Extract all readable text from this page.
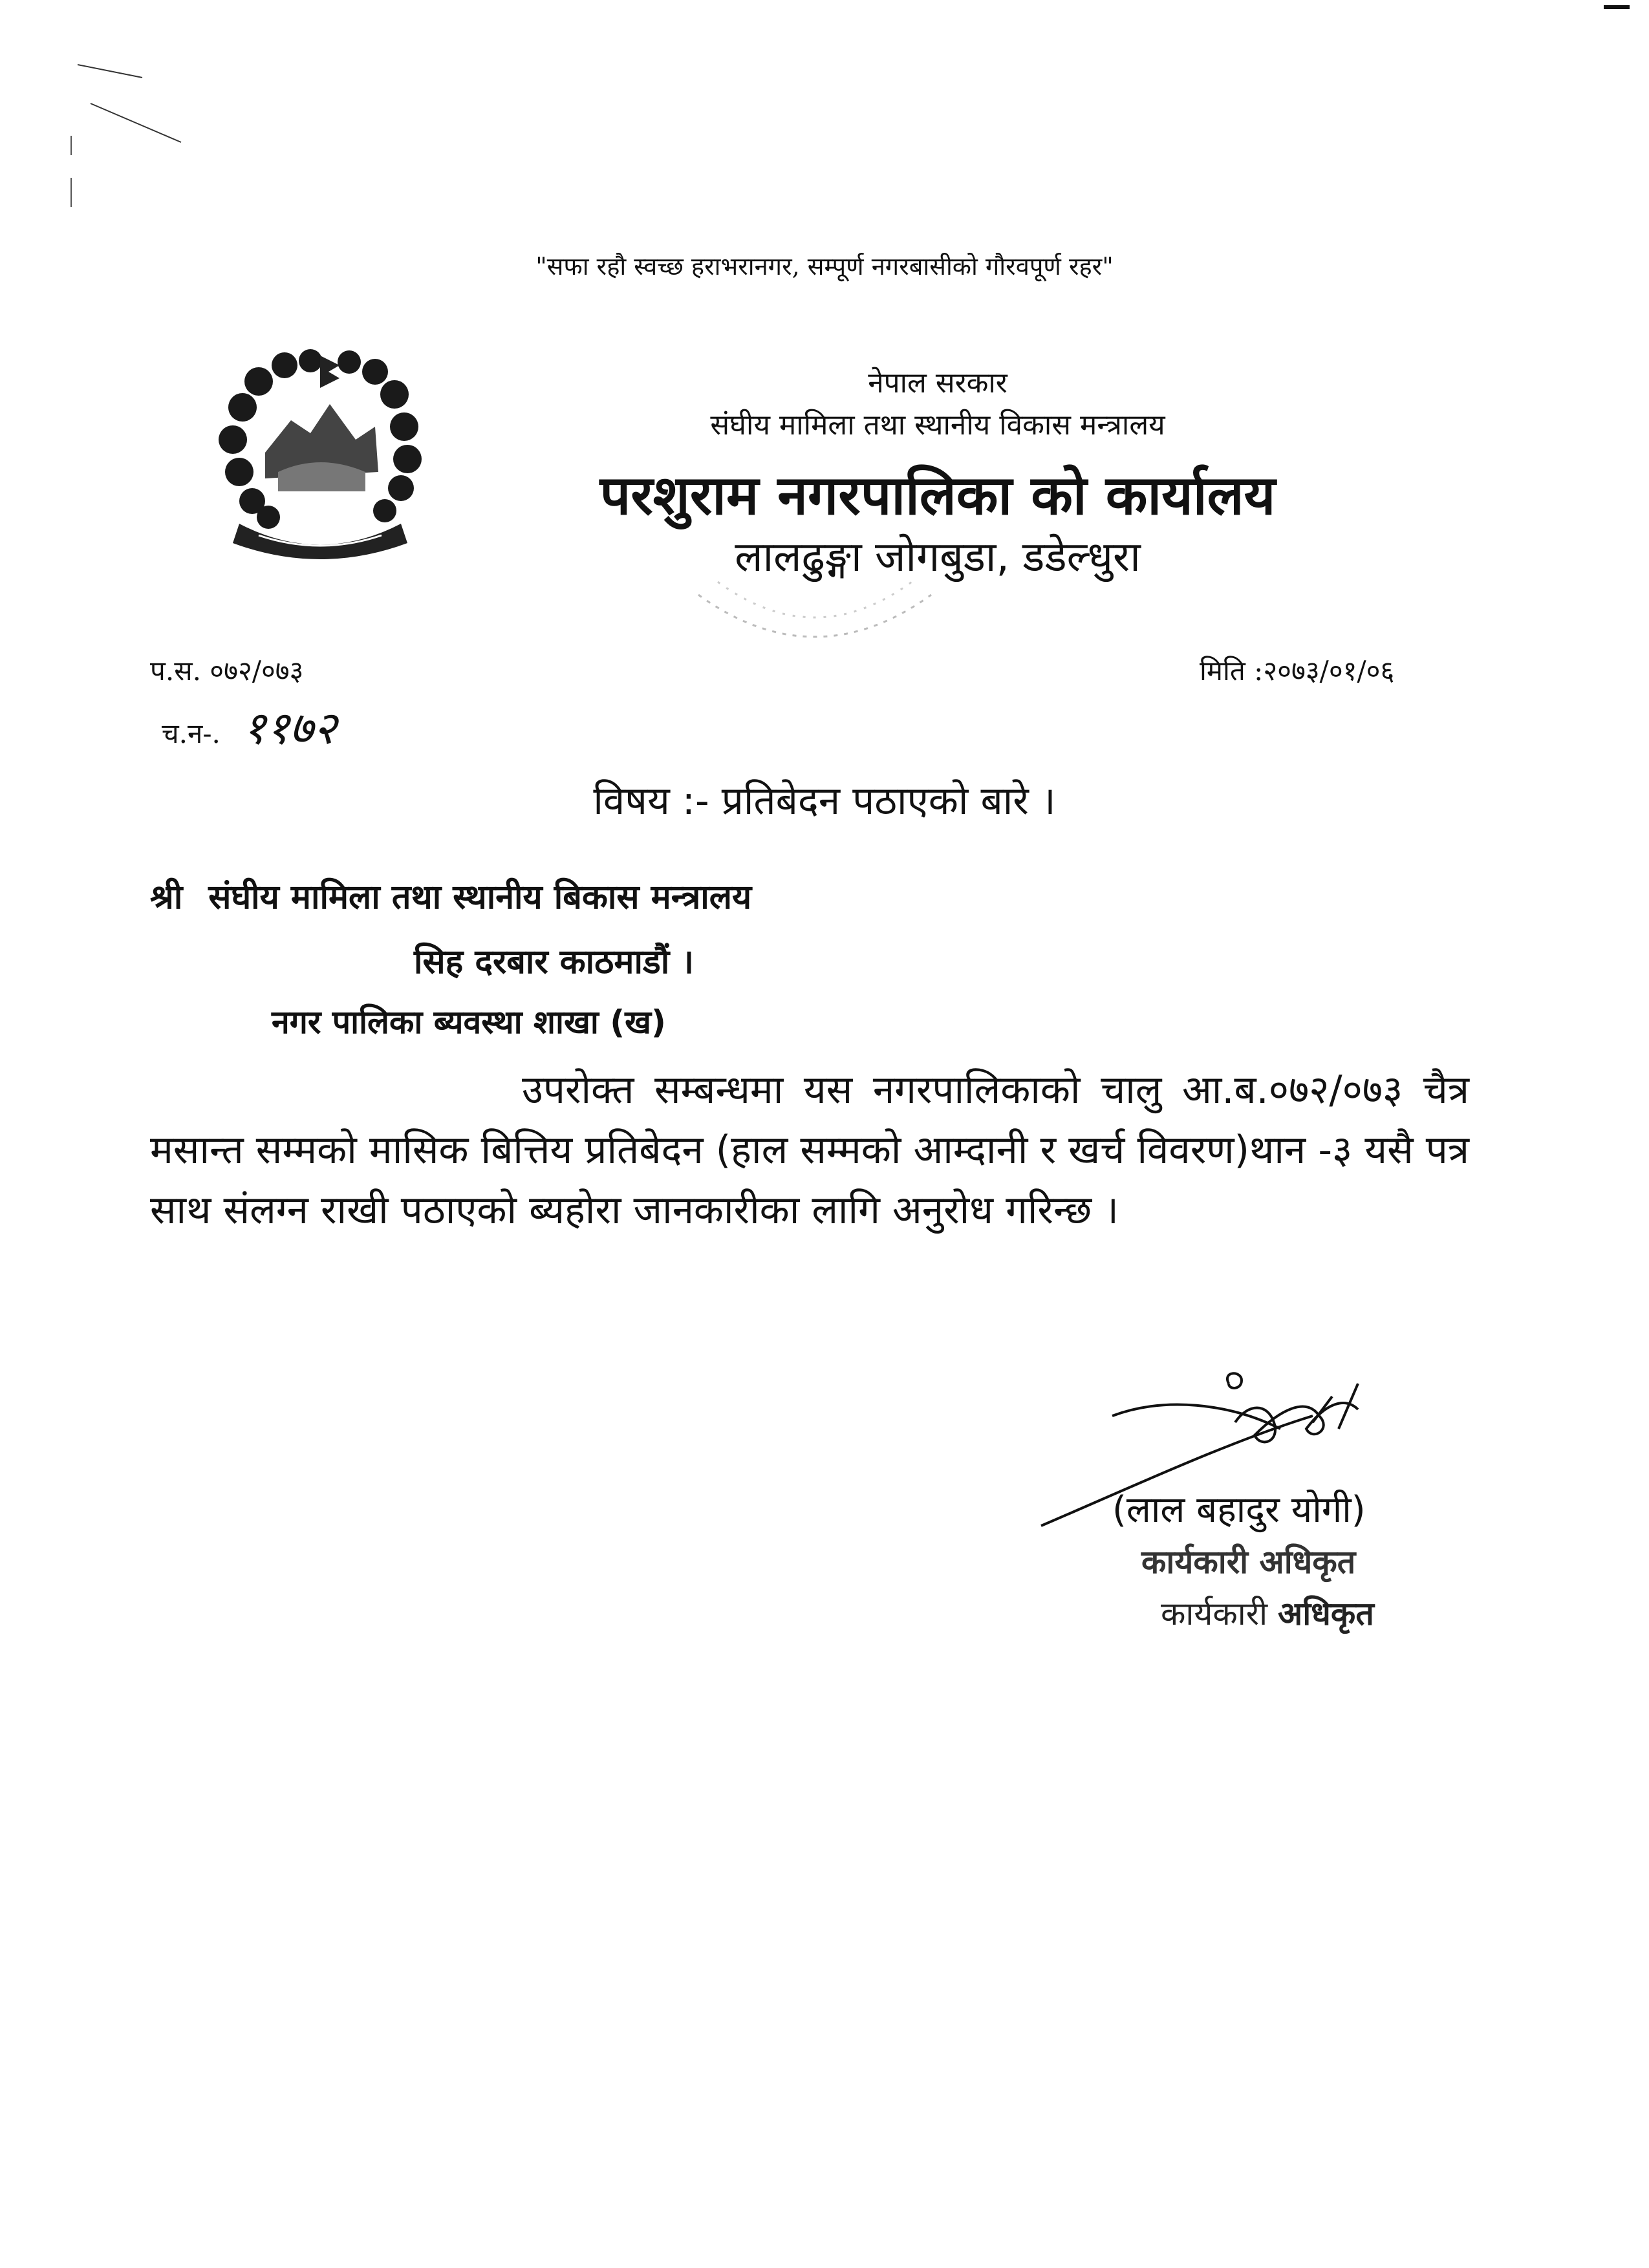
"सफा रहौ स्वच्छ हराभरानगर, सम्पूर्ण नगरबासीको गौरवपूर्ण रहर"
नेपाल सरकार
संघीय मामिला तथा स्थानीय विकास मन्त्रालय
परशुराम नगरपालिका को कार्यालय
लालढुङ्गा जोगबुडा, डडेल्धुरा
प.स. ०७२/०७३	मिति :२०७३/०१/०६
च.न-. ११७२
विषय :- प्रतिबेदन पठाएको बारे ।
श्री संघीय मामिला तथा स्थानीय बिकास मन्त्रालय
सिह दरबार काठमाडौं ।
नगर पालिका ब्यवस्था शाखा (ख)
उपरोक्त सम्बन्धमा यस नगरपालिकाको चालु आ.ब.०७२/०७३ चैत्र मसान्त सम्मको मासिक बित्तिय प्रतिबेदन (हाल सम्मको आम्दानी र खर्च विवरण)थान -३ यसै पत्र साथ संलग्न राखी पठाएको ब्यहोरा जानकारीका लागि अनुरोध गरिन्छ ।
(लाल बहादुर योगी)
कार्यकारी अधिकृत
कार्यकारी अधिकृत
